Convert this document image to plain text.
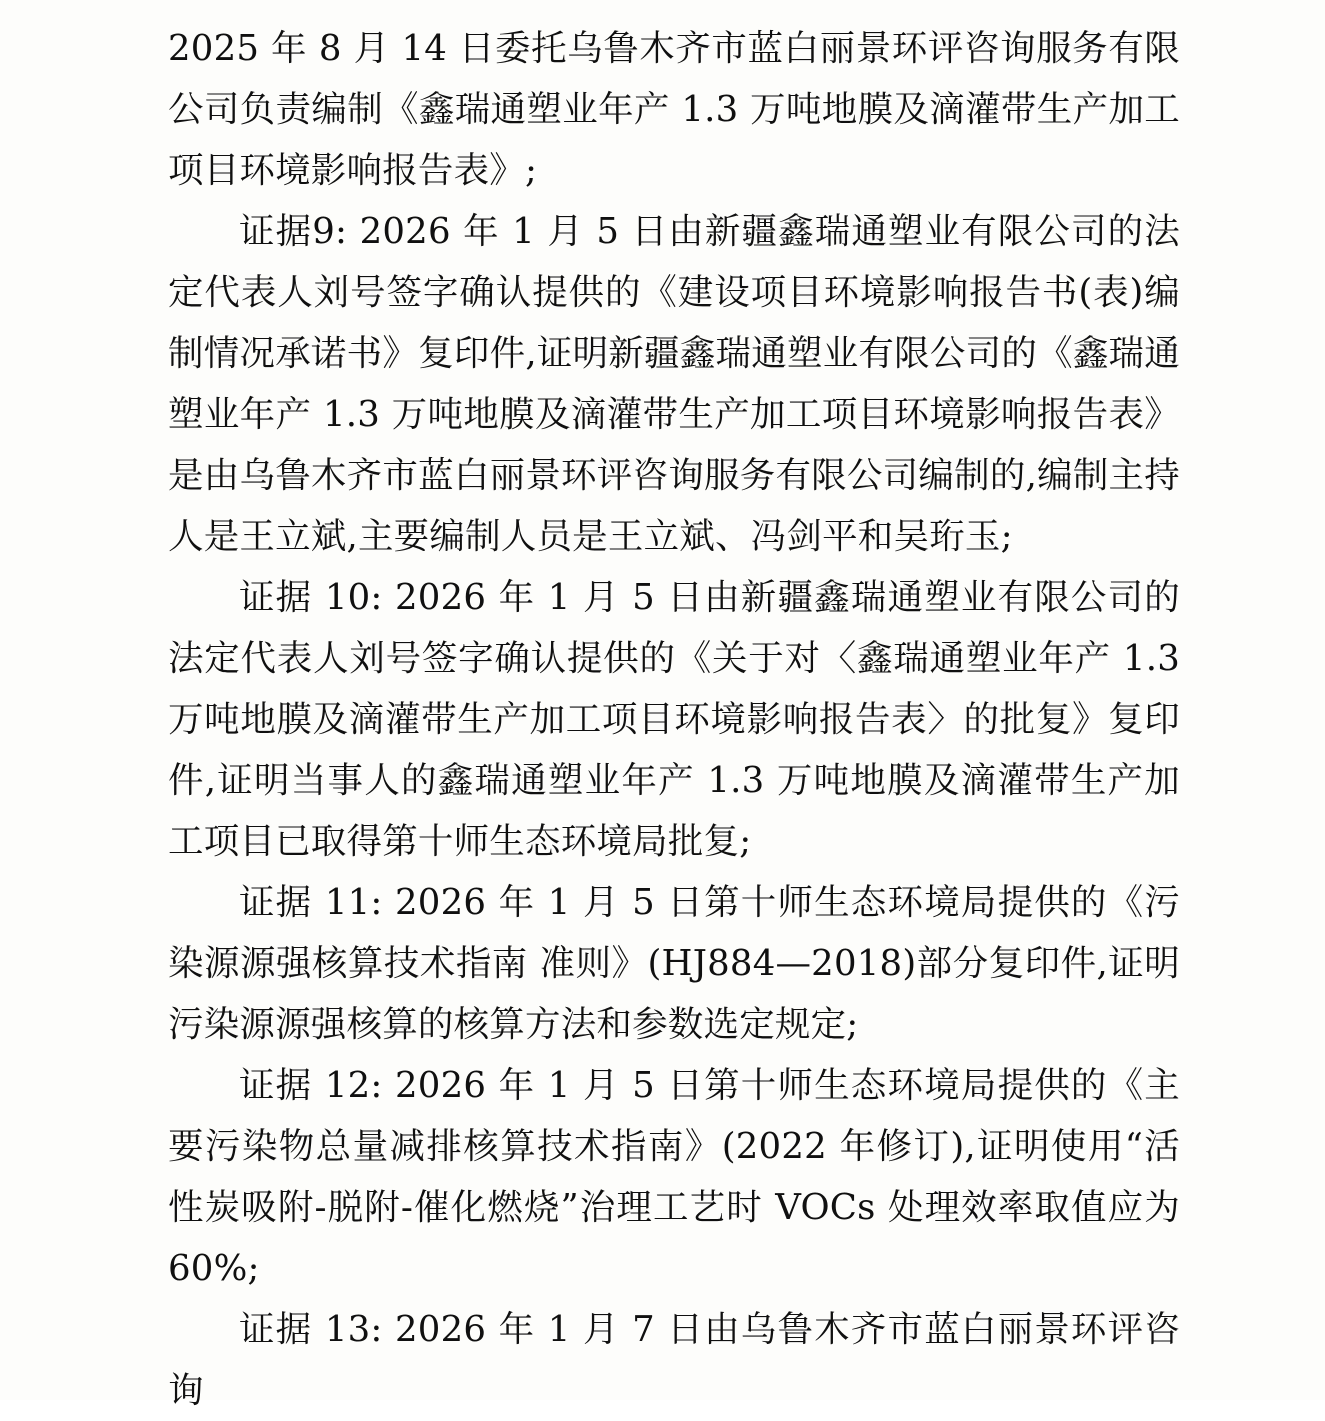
2025 年 8 月 14 日委托乌鲁木齐市蓝白丽景环评咨询服务有限公司负责编制《鑫瑞通塑业年产 1.3 万吨地膜及滴灌带生产加工项目环境影响报告表》;

证据9: 2026 年 1 月 5 日由新疆鑫瑞通塑业有限公司的法定代表人刘号签字确认提供的《建设项目环境影响报告书(表)编制情况承诺书》复印件,证明新疆鑫瑞通塑业有限公司的《鑫瑞通塑业年产 1.3 万吨地膜及滴灌带生产加工项目环境影响报告表》是由乌鲁木齐市蓝白丽景环评咨询服务有限公司编制的,编制主持人是王立斌,主要编制人员是王立斌、冯剑平和吴珩玉;

证据 10: 2026 年 1 月 5 日由新疆鑫瑞通塑业有限公司的法定代表人刘号签字确认提供的《关于对〈鑫瑞通塑业年产 1.3 万吨地膜及滴灌带生产加工项目环境影响报告表〉的批复》复印件,证明当事人的鑫瑞通塑业年产 1.3 万吨地膜及滴灌带生产加工项目已取得第十师生态环境局批复;

证据 11: 2026 年 1 月 5 日第十师生态环境局提供的《污染源源强核算技术指南 准则》(HJ884—2018)部分复印件,证明污染源源强核算的核算方法和参数选定规定;

证据 12: 2026 年 1 月 5 日第十师生态环境局提供的《主要污染物总量减排核算技术指南》(2022 年修订),证明使用“活性炭吸附-脱附-催化燃烧”治理工艺时 VOCs 处理效率取值应为 60%;

证据 13: 2026 年 1 月 7 日由乌鲁木齐市蓝白丽景环评咨询
